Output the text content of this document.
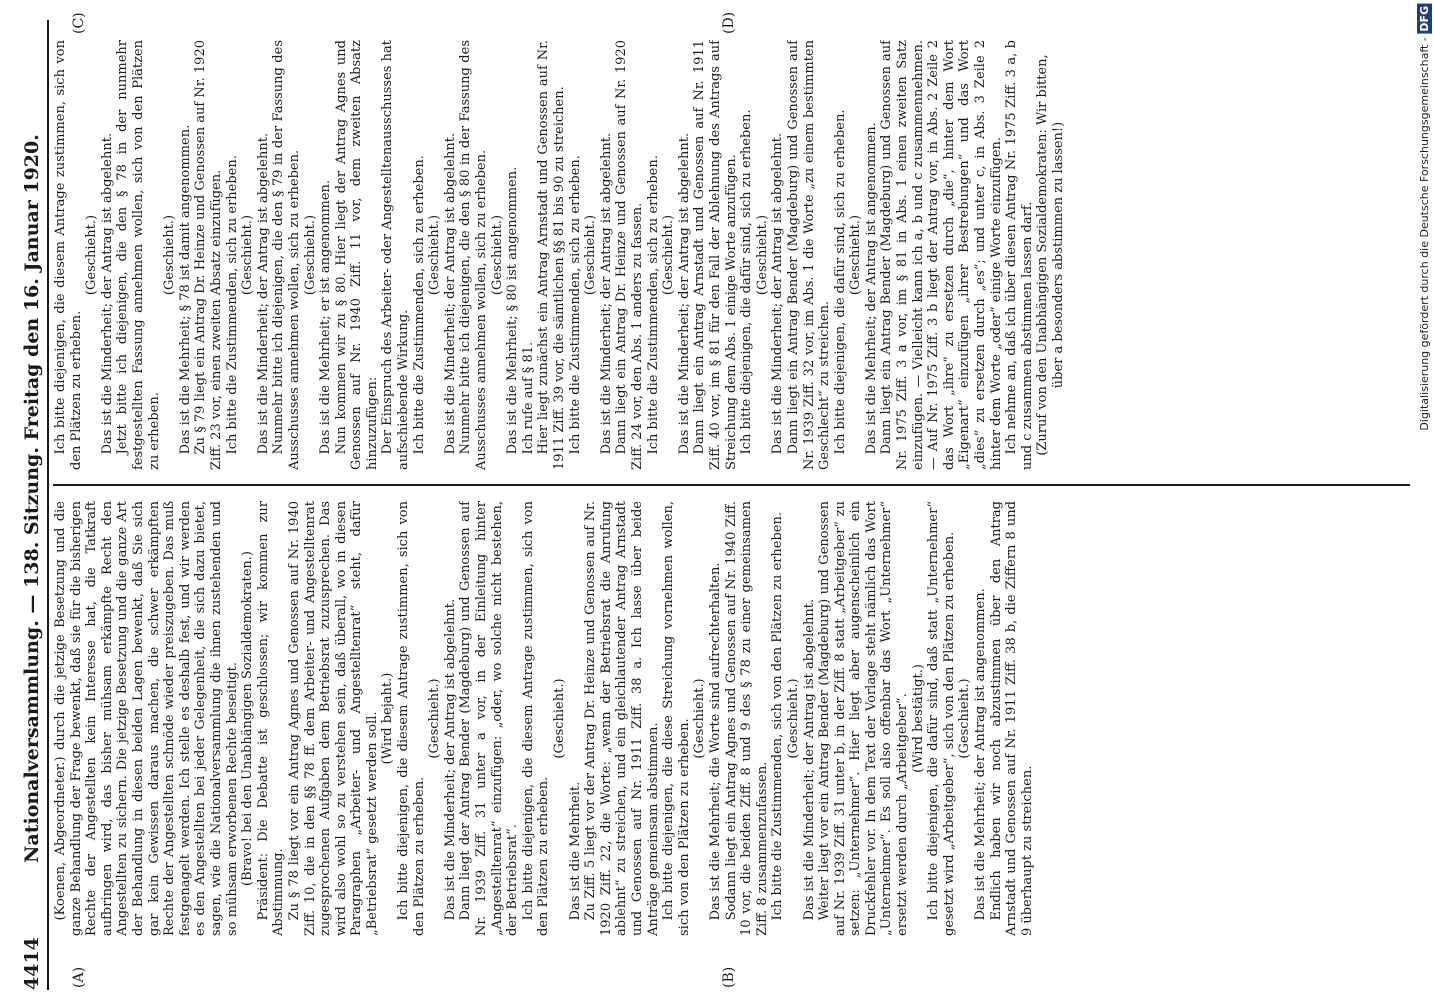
4414
Nationalversammlung. — 138. Sitzung. Freitag den 16. Januar 1920.
(A)	(B)
(C)	(D)

(Koenen, Abgeordneter.) durch die jetzige Besetzung und die ganze Behandlung der Frage bewenkt, daß sie für die bisherigen Rechte der Angestellten kein Interesse hat, die Tatkraft aufbringen wird, das bisher mühsam erkämpfte Recht den Angestellten zu sichern. Die jetzige Besetzung und die ganze Art der Behandlung in diesen beiden Lagen bewenkt, daß Sie sich gar kein Gewissen daraus machen, die schwer erkämpften Rechte der Angestellten schnöde wieder preiszugeben. Das muß festgenagelt werden. Ich stelle es deshalb fest, und wir werden es den Angestellten bei jeder Gelegenheit, die sich dazu bietet, sagen, wie die Nationalversammlung die ihnen zustehenden und so mühsam erworbenen Rechte beseitigt. (Bravo! bei den Unabhängigen Sozialdemokraten.) Präsident: Die Debatte ist geschlossen; wir kommen zur Abstimmung. Zu § 78 liegt vor ein Antrag Agnes und Genossen auf Nr. 1940 Ziff. 10, die in den §§ 78 ff. dem Arbeiter- und Angestelltenrat zugesprochenen Aufgaben dem Betriebsrat zuzusprechen. Das wird also wohl so zu verstehen sein, daß überall, wo in diesen Paragraphen „Arbeiter- und Angestelltenrat“ steht, dafür „Betriebsrat“ gesetzt werden soll. (Wird bejaht.) Ich bitte diejenigen, die diesem Antrage zustimmen, sich von den Plätzen zu erheben.

(Geschieht.) Das ist die Minderheit; der Antrag ist abgelehnt. Dann liegt der Antrag Bender (Magdeburg) und Genossen auf Nr. 1939 Ziff. 31 unter a vor, in der Einleitung hinter „Angestelltenrat“ einzufügen: „oder, wo solche nicht bestehen, der Betriebsrat“. Ich bitte diejenigen, die diesem Antrage zustimmen, sich von den Plätzen zu erheben.

(Geschieht.)

Das ist die Mehrheit. Zu Ziff. 5 liegt vor der Antrag Dr. Heinze und Genossen auf Nr. 1920 Ziff. 22, die Worte: „wenn der Betriebsrat die Anrufung ablehnt“ zu streichen, und ein gleichlautender Antrag Arnstadt und Genossen auf Nr. 1911 Ziff. 38 a. Ich lasse über beide Anträge gemeinsam abstimmen. Ich bitte diejenigen, die diese Streichung vornehmen wollen, sich von den Plätzen zu erheben. (Geschieht.) Das ist die Mehrheit; die Worte sind aufrechterhalten. Sodann liegt ein Antrag Agnes und Genossen auf Nr. 1940 Ziff. 10 vor, die beiden Ziff. 8 und 9 des § 78 zu einer gemeinsamen Ziff. 8 zusammenzufassen. Ich bitte die Zustimmenden, sich von den Plätzen zu erheben. (Geschieht.) Das ist die Minderheit; der Antrag ist abgelehnt. Weiter liegt vor ein Antrag Bender (Magdeburg) und Genossen auf Nr. 1939 Ziff. 31 unter b, in der Ziff. 8 statt „Arbeitgeber“ zu setzen: „Unternehmer“. Hier liegt aber augenscheinlich ein Druckfehler vor. In dem Text der Vorlage steht nämlich das Wort „Unternehmer“. Es soll also offenbar das Wort „Unternehmer“ ersetzt werden durch „Arbeitgeber“. (Wird bestätigt.) Ich bitte diejenigen, die dafür sind, daß statt „Unternehmer“ gesetzt wird „Arbeitgeber“, sich von den Plätzen zu erheben. (Geschieht.) Das ist die Mehrheit; der Antrag ist angenommen. Endlich haben wir noch abzustimmen über den Antrag Arnstadt und Genossen auf Nr. 1911 Ziff. 38 b, die Ziffern 8 und 9 überhaupt zu streichen.

Ich bitte diejenigen, die diesem Antrage zustimmen, sich von den Plätzen zu erheben.

(Geschieht.) Das ist die Minderheit; der Antrag ist abgelehnt. Jetzt bitte ich diejenigen, die den § 78 in der nunmehr festgestellten Fassung annehmen wollen, sich von den Plätzen zu erheben.

(Geschieht.) Das ist die Mehrheit; § 78 ist damit angenommen. Zu § 79 liegt ein Antrag Dr. Heinze und Genossen auf Nr. 1920 Ziff. 23 vor, einen zweiten Absatz einzufügen. Ich bitte die Zustimmenden, sich zu erheben. (Geschieht.) Das ist die Minderheit; der Antrag ist abgelehnt. Nunmehr bitte ich diejenigen, die den § 79 in der Fassung des Ausschusses annehmen wollen, sich zu erheben. (Geschieht.) Das ist die Mehrheit; er ist angenommen. Nun kommen wir zu § 80. Hier liegt der Antrag Agnes und Genossen auf Nr. 1940 Ziff. 11 vor, dem zweiten Absatz hinzuzufügen: Der Einspruch des Arbeiter- oder Angestelltenausschusses hat aufschiebende Wirkung. Ich bitte die Zustimmenden, sich zu erheben. (Geschieht.) Das ist die Minderheit; der Antrag ist abgelehnt. Nunmehr bitte ich diejenigen, die den § 80 in der Fassung des Ausschusses annehmen wollen, sich zu erheben. (Geschieht.) Das ist die Mehrheit; § 80 ist angenommen. Ich rufe auf § 81. Hier liegt zunächst ein Antrag Arnstadt und Genossen auf Nr. 1911 Ziff. 39 vor, die sämtlichen §§ 81 bis 90 zu streichen. Ich bitte die Zustimmenden, sich zu erheben. (Geschieht.) Das ist die Minderheit; der Antrag ist abgelehnt. Dann liegt ein Antrag Dr. Heinze und Genossen auf Nr. 1920 Ziff. 24 vor, den Abs. 1 anders zu fassen. Ich bitte die Zustimmenden, sich zu erheben. (Geschieht.) Das ist die Minderheit; der Antrag ist abgelehnt. Dann liegt ein Antrag Arnstadt und Genossen auf Nr. 1911 Ziff. 40 vor, im § 81 für den Fall der Ablehnung des Antrags auf Streichung dem Abs. 1 einige Worte anzufügen. Ich bitte diejenigen, die dafür sind, sich zu erheben. (Geschieht.) Das ist die Minderheit; der Antrag ist abgelehnt. Dann liegt ein Antrag Bender (Magdeburg) und Genossen auf Nr. 1939 Ziff. 32 vor, im Abs. 1 die Worte „zu einem bestimmten Geschlecht“ zu streichen. Ich bitte diejenigen, die dafür sind, sich zu erheben. (Geschieht.) Das ist die Mehrheit; der Antrag ist angenommen. Dann liegt ein Antrag Bender (Magdeburg) und Genossen auf Nr. 1975 Ziff. 3 a vor, im § 81 in Abs. 1 einen zweiten Satz einzufügen. — Vielleicht kann ich a, b und c zusammennehmen. — Auf Nr. 1975 Ziff. 3 b liegt der Antrag vor, in Abs. 2 Zeile 2 das Wort „ihre“ zu ersetzen durch „die“, hinter dem Wort „Eigenart“ einzufügen „ihrer Bestrebungen“ und das Wort „dies“ zu ersetzen durch „es“; und unter c, in Abs. 3 Zeile 2 hinter dem Worte „oder“ einige Worte einzufügen. Ich nehme an, daß ich über diesen Antrag Nr. 1975 Ziff. 3 a, b und c zusammen abstimmen lassen darf. (Zuruf von den Unabhängigen Sozialdemokraten: Wir bitten, über a besonders abstimmen zu lassen!)	Digitalisierung gefördert durch die Deutsche Forschungsgemeinschaft - DFG
